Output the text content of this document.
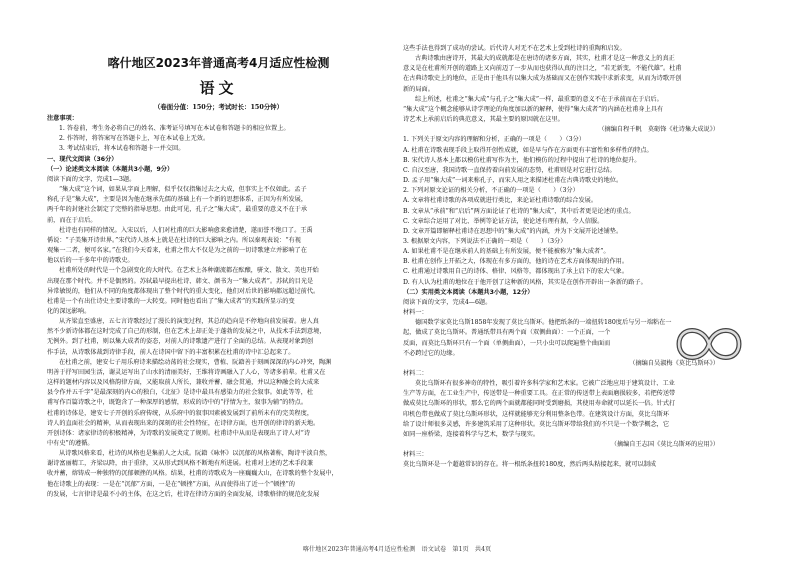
喀什地区2023年普通高考4月适应性检测
语文
（卷面分值：150分；考试时长：150分钟）
注意事项：
1. 答卷前，考生务必将自己的姓名、准考证号填写在本试卷和答题卡的相应位置上。
2. 作答时，将答案写在答题卡上，写在本试卷上无效。
3. 考试结束后，将本试卷和答题卡一并交回。
一、现代文阅读（36分）
（一）论述类文本阅读（本题共3小题，9分）
阅读下面的文字，完成1—3题。
“集大成”这个词，如果从字面上理解，似乎仅仅指集过去之大成，但事实上不仅如此。孟子
称孔子是“集大成”，主要是因为他在继承先儒的基础上有一个新的思想体系，正因为有所发展，
两千年的封建社会制定了完整的指导思想。由此可见，孔子之“集大成”，最重要的意义不在于承
前，而在于启后。
杜诗也有同样的情况。入宋以后，人们对杜甫的巨大影响愈来愈清楚，遂而誉不绝口了。王禹
偁说：“子美集开诗世界。”宋代诗人基本上就是在杜诗的巨大影响之内。所以秦观表说：“有视
观集一二者，便可名家。”在我们今天看来，杜甫之伟大不仅是为之前的一切诗歌建立并影响了在
他以后的一千多年中的诗歌史。
杜甫所处的时代是一个急剧变化的大时代。在艺术上各种潮流都在酝酿，骈文、散文、美也开始
出现在那个时代。并不是偶然的。苏轼最早提出杜诗、韩文、颜书为一“集大成者”。苏轼的目光是
异常敏锐的，他们从不同的角度都体现出了整个时代的重大变化，他们对后世的影响都远超过前代。
杜甫是一个有出仕诗史主要诗歌的一大转变。同时他也看出了“集大成者”的实践所显示的变
化的深远影响。
从齐梁直至盛唐，五七言诗歌经过了漫长的演变过程，其总的趋向是不停地向前发展着。唐人真
然不少新诗体都在这时完成了自己的形制，但在艺术上却正处于蓬勃的发展之中，从技术手法到意境，
无例外。到了杜甫，则以集大成者的姿态，对前人的诗歌遗产进行了全面的总结。从表现对象到创
作手法，从诗歌体裁到诗律手段，前人在诗国中留下的丰富积累在杜甫的诗中汇总起来了。
在杜甫之前，建安七子用乐府诗来描绘动荡的社会现实，曹植、阮籍善于刻画深深的内心冲突，陶渊
明善于抒写田园生活，谢灵运写出了山水的清丽美好，王维将诗画融入了人心，等诸多前辈。杜甫又在
这样的题材内容以及风格韵律方面，又能取前人所长，兼收并蓄、融会贯通，并以这种融会的大成来
县令作并五千字”是最深刻的内心的独白，《北征》是诗中最具有感染力的社会叙事。如此等等，杜
甫写作百篇诗歌之中，既饱含了一种深厚的感情，形成的诗中的“抒情为主，叙事为辅”的特点。
杜甫的诗体是，建安七子开创的乐府传统，从乐府中的叙事因素被发展到了前所未有的完美程度，
诗人的直面社会的精神，从而表现出来的深刻的社会性特征，在诗律方面，也开创的律诗的新天地。
开创诗体：诸家律诗的积极精神，为诗歌的发展奠定了规则。杜甫诗中从而是表现出了诗人对“诗
中有史”的遵循。
从诗歌风格来看，杜诗的风格也是集前人之大成。阮籍《咏怀》以沉郁的风格著称，陶诗平淡自然，
谢诗富丽精工，齐梁以降，由于重律，又从形式到风格不断地有所进展。杜甫对上述的艺术手段兼
收并蓄，熔铸成一种独特的沉郁顿挫的风格。结果，杜甫的诗歌成为一座巍巍大山，在诗歌的整个发展中，
他在诗歌上的表现：一是在“沉郁”方面，一是在“顿挫”方面，从而使得出了近一个“顿挫”的
的发展，七言律诗是最不小的主体，在这之后，杜诗在律诗方面的全面发展，诗歌格律的规范化发展
这些手法也得到了成功的尝试。后代诗人对无不在艺术上受到杜诗的重陶和启发。
古典诗歌由唐诗开，其最大的成就都是在唐诗的诸多方面，其实，杜甫才是这一种意义上的真正
意义是在杜甫所开创的道路上又向前迈了一步从而也获得认真的注目之，“若无新变，不能代雄”。杜甫
在古典诗歌史上的地位，正是由于他具有以集大成为基础而又在创作实践中求新求变，从而为诗歌开创
新的局面。
综上所述，杜甫之“集大成”与孔子之“集大成”一样，最重要的意义不在于承前而在于启后。
“集大成”这个概念能够从诗学理论的角度加以新的解释，使得“集大成者”的内涵在杜甫身上具有
诗艺术上承前启后的典范意义，其最主要的原因就在这里。
（摘编自程千帆　莫砺锋《杜诗集大成说》）
1. 下列关于原文内容的理解和分析，正确的一项是（　　）（3分）
A. 杜甫在诗歌表现手段上取得开创性成就，如是早与作在方面更有丰富性和多样性的特点。
B. 宋代诗人基本上都以模仿杜甫写作为主，他们模仿的过程中提出了杜诗的地位提升。
C. 自汉至唐，我国诗歌一直保持着向前发展的态势，杜甫则是对它进行总结。
D. 孟子用“集大成”一词来称孔子，而宋人用之来描述杜甫在古典诗歌史的地位。
2. 下列对原文论证的相关分析，不正确的一项是（　　）（3分）
A. 文章将杜甫诗歌的各项成就进行类比，来论证杜甫诗歌的综合发展。
B. 文章从“承前”和“启后”两方面论证了杜诗的“集大成”，其中后者更是论述的重点。
C. 文章综合运用了对比、举例等论证方法，使论述有理有据，令人信服。
D. 文章开篇即解释杜甫诗在思想中的“集大成”的内涵，并为下文展开论述铺垫。
3. 根据原文内容，下列说法不正确的一项是（　　）（3分）
A. 如果杜甫不是在继承前人的基础上有所发展，便不能被称为“集大成者”。
B. 杜甫在创作上开拓之大，体现在有多方面的，他的诗在艺术方面体现出的作用。
C. 杜甫通过诗歌用自己的诗体、格律、风格等，都体现出了承上启下的宏大气象。
D. 有人认为杜甫的地位在于他开创了这种新的风格，其实是在创作开辟出一条新的路子。
（二）实用类文本阅读（本题共3小题，12分）
阅读下面的文字，完成4—6题。
材料一：
德国数学家莫比乌斯1858年发现了莫比乌斯环。他把纸条的一端扭转180度后与另一端粘在一
起，做成了莫比乌斯环。普通纸带具有两个面（双侧曲面）：一个正面，一个
反面，而莫比乌斯环只有一个面（单侧曲面），一只小虫可以爬遍整个曲面而
不必跨过它的边缘。
（摘编自吴淑梅《莫比乌斯环》）
材料二：
莫比乌斯环有很多神奇的特性，吸引着许多科学家和艺术家。它被广泛地应用于建筑设计、工业
生产等方面，在工业生产中，传送带是一种重要工具。在正常的传送带上表面磨损较多，若把传送带
做成莫比乌斯环的形状，那么它的两个面就都能同时受到磨损，其使用寿命就可以延长一倍。针式打
印机色带也做成了莫比乌斯环形状，这样就能够充分利用整条色带。在建筑设计方面，莫比乌斯环
给了设计师很多灵感，许多建筑采用了这种形状。莫比乌斯环带给我们的不只是一个数学概念，它
如同一座桥梁，连接着科学与艺术，数学与现实。
（摘编自王志国《莫比乌斯环的应用》）
材料三：
莫比乌斯环是一个超越常识的存在。将一根纸条扭转180度，然后两头粘接起来，就可以制成
喀什地区2023年普通高考4月适应性检测　语文试卷　第1页　共4页
